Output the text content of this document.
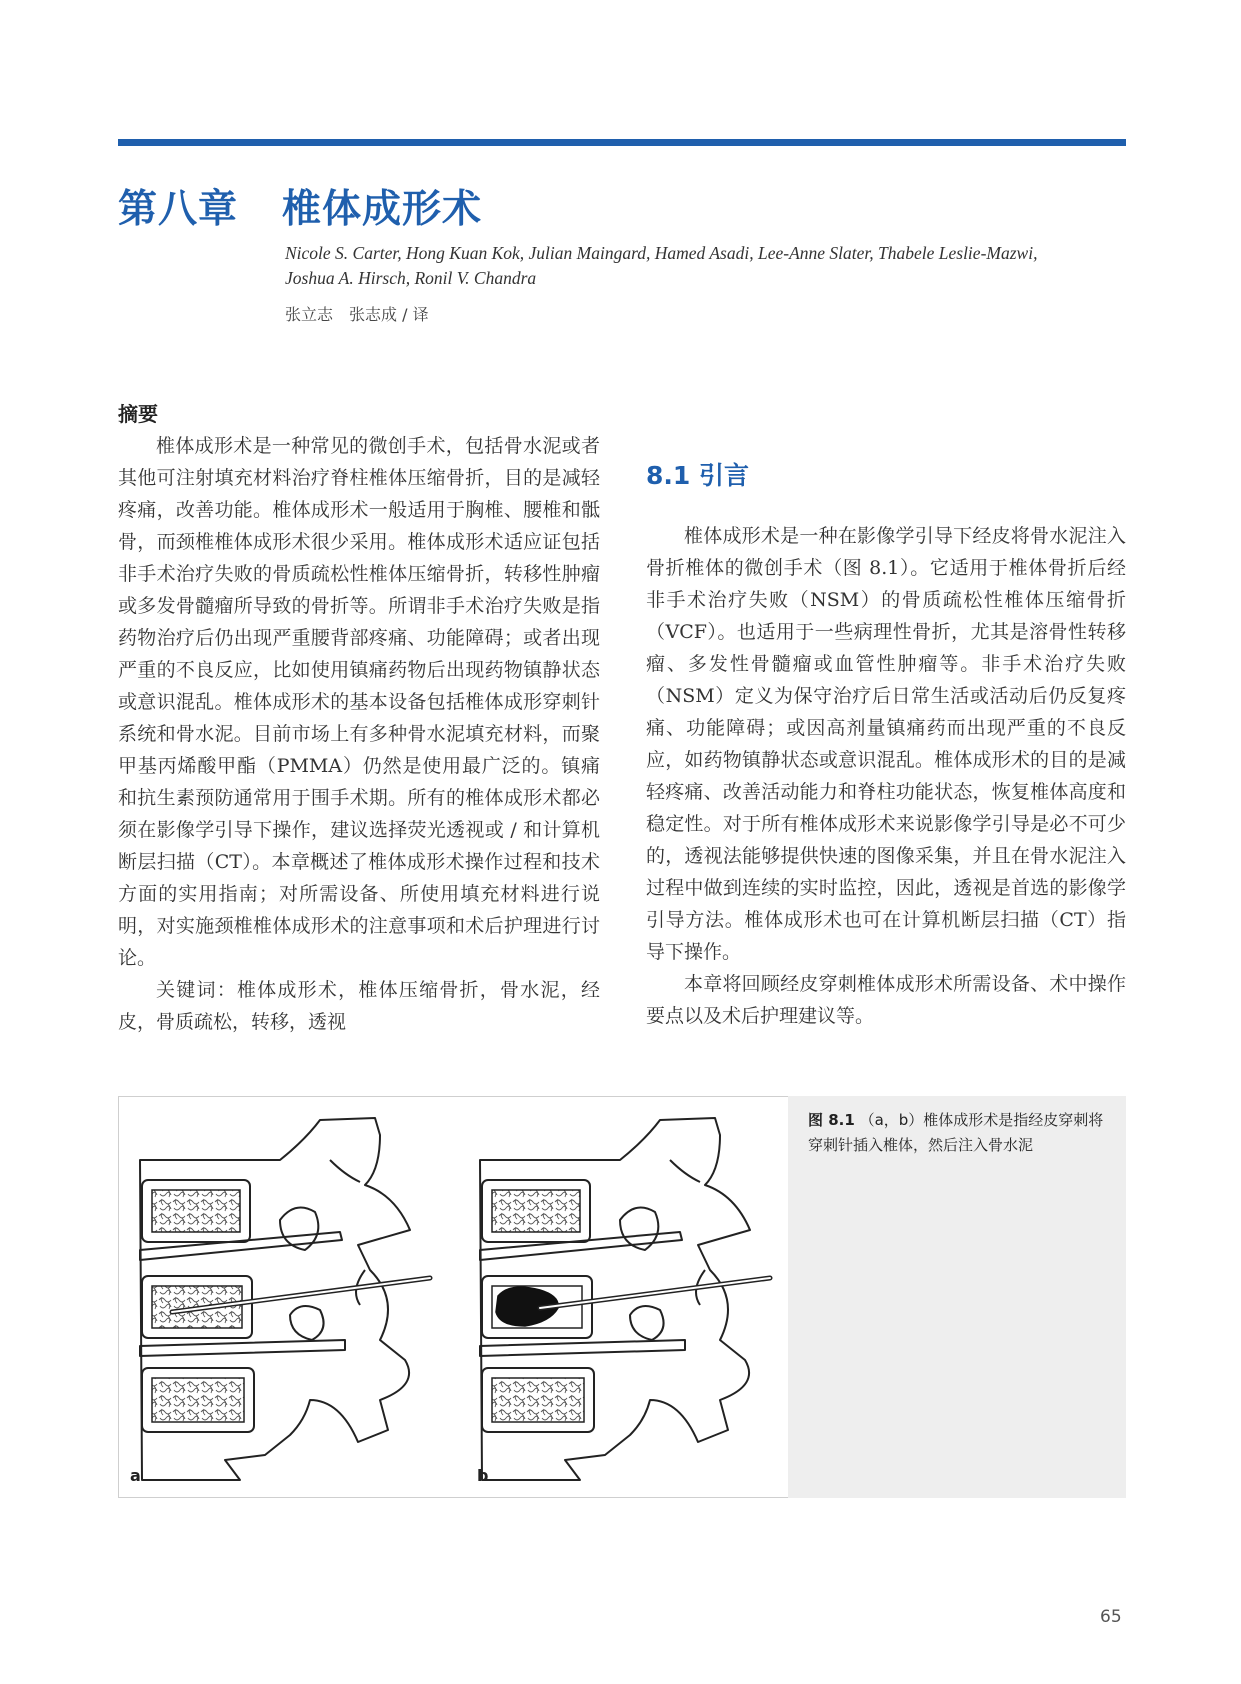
第八章 椎体成形术

Nicole S. Carter, Hong Kuan Kok, Julian Maingard, Hamed Asadi, Lee-Anne Slater, Thabele Leslie-Mazwi,
Joshua A. Hirsch, Ronil V. Chandra

张立志　张志成 / 译

摘要

椎体成形术是一种常见的微创手术，包括骨水泥或者其他可注射填充材料治疗脊柱椎体压缩骨折，目的是减轻疼痛，改善功能。椎体成形术一般适用于胸椎、腰椎和骶骨，而颈椎椎体成形术很少采用。椎体成形术适应证包括非手术治疗失败的骨质疏松性椎体压缩骨折，转移性肿瘤或多发骨髓瘤所导致的骨折等。所谓非手术治疗失败是指药物治疗后仍出现严重腰背部疼痛、功能障碍；或者出现严重的不良反应，比如使用镇痛药物后出现药物镇静状态或意识混乱。椎体成形术的基本设备包括椎体成形穿刺针系统和骨水泥。目前市场上有多种骨水泥填充材料，而聚甲基丙烯酸甲酯（PMMA）仍然是使用最广泛的。镇痛和抗生素预防通常用于围手术期。所有的椎体成形术都必须在影像学引导下操作，建议选择荧光透视或 / 和计算机断层扫描（CT）。本章概述了椎体成形术操作过程和技术方面的实用指南；对所需设备、所使用填充材料进行说明，对实施颈椎椎体成形术的注意事项和术后护理进行讨论。

关键词：椎体成形术，椎体压缩骨折，骨水泥，经皮，骨质疏松，转移，透视

8.1 引言

椎体成形术是一种在影像学引导下经皮将骨水泥注入骨折椎体的微创手术（图 8.1）。它适用于椎体骨折后经非手术治疗失败（NSM）的骨质疏松性椎体压缩骨折（VCF）。也适用于一些病理性骨折，尤其是溶骨性转移瘤、多发性骨髓瘤或血管性肿瘤等。非手术治疗失败（NSM）定义为保守治疗后日常生活或活动后仍反复疼痛、功能障碍；或因高剂量镇痛药而出现严重的不良反应，如药物镇静状态或意识混乱。椎体成形术的目的是减轻疼痛、改善活动能力和脊柱功能状态，恢复椎体高度和稳定性。对于所有椎体成形术来说影像学引导是必不可少的，透视法能够提供快速的图像采集，并且在骨水泥注入过程中做到连续的实时监控，因此，透视是首选的影像学引导方法。椎体成形术也可在计算机断层扫描（CT）指导下操作。

本章将回顾经皮穿刺椎体成形术所需设备、术中操作要点以及术后护理建议等。

图 8.1 （a，b）椎体成形术是指经皮穿刺将穿刺针插入椎体，然后注入骨水泥

a	b

65
